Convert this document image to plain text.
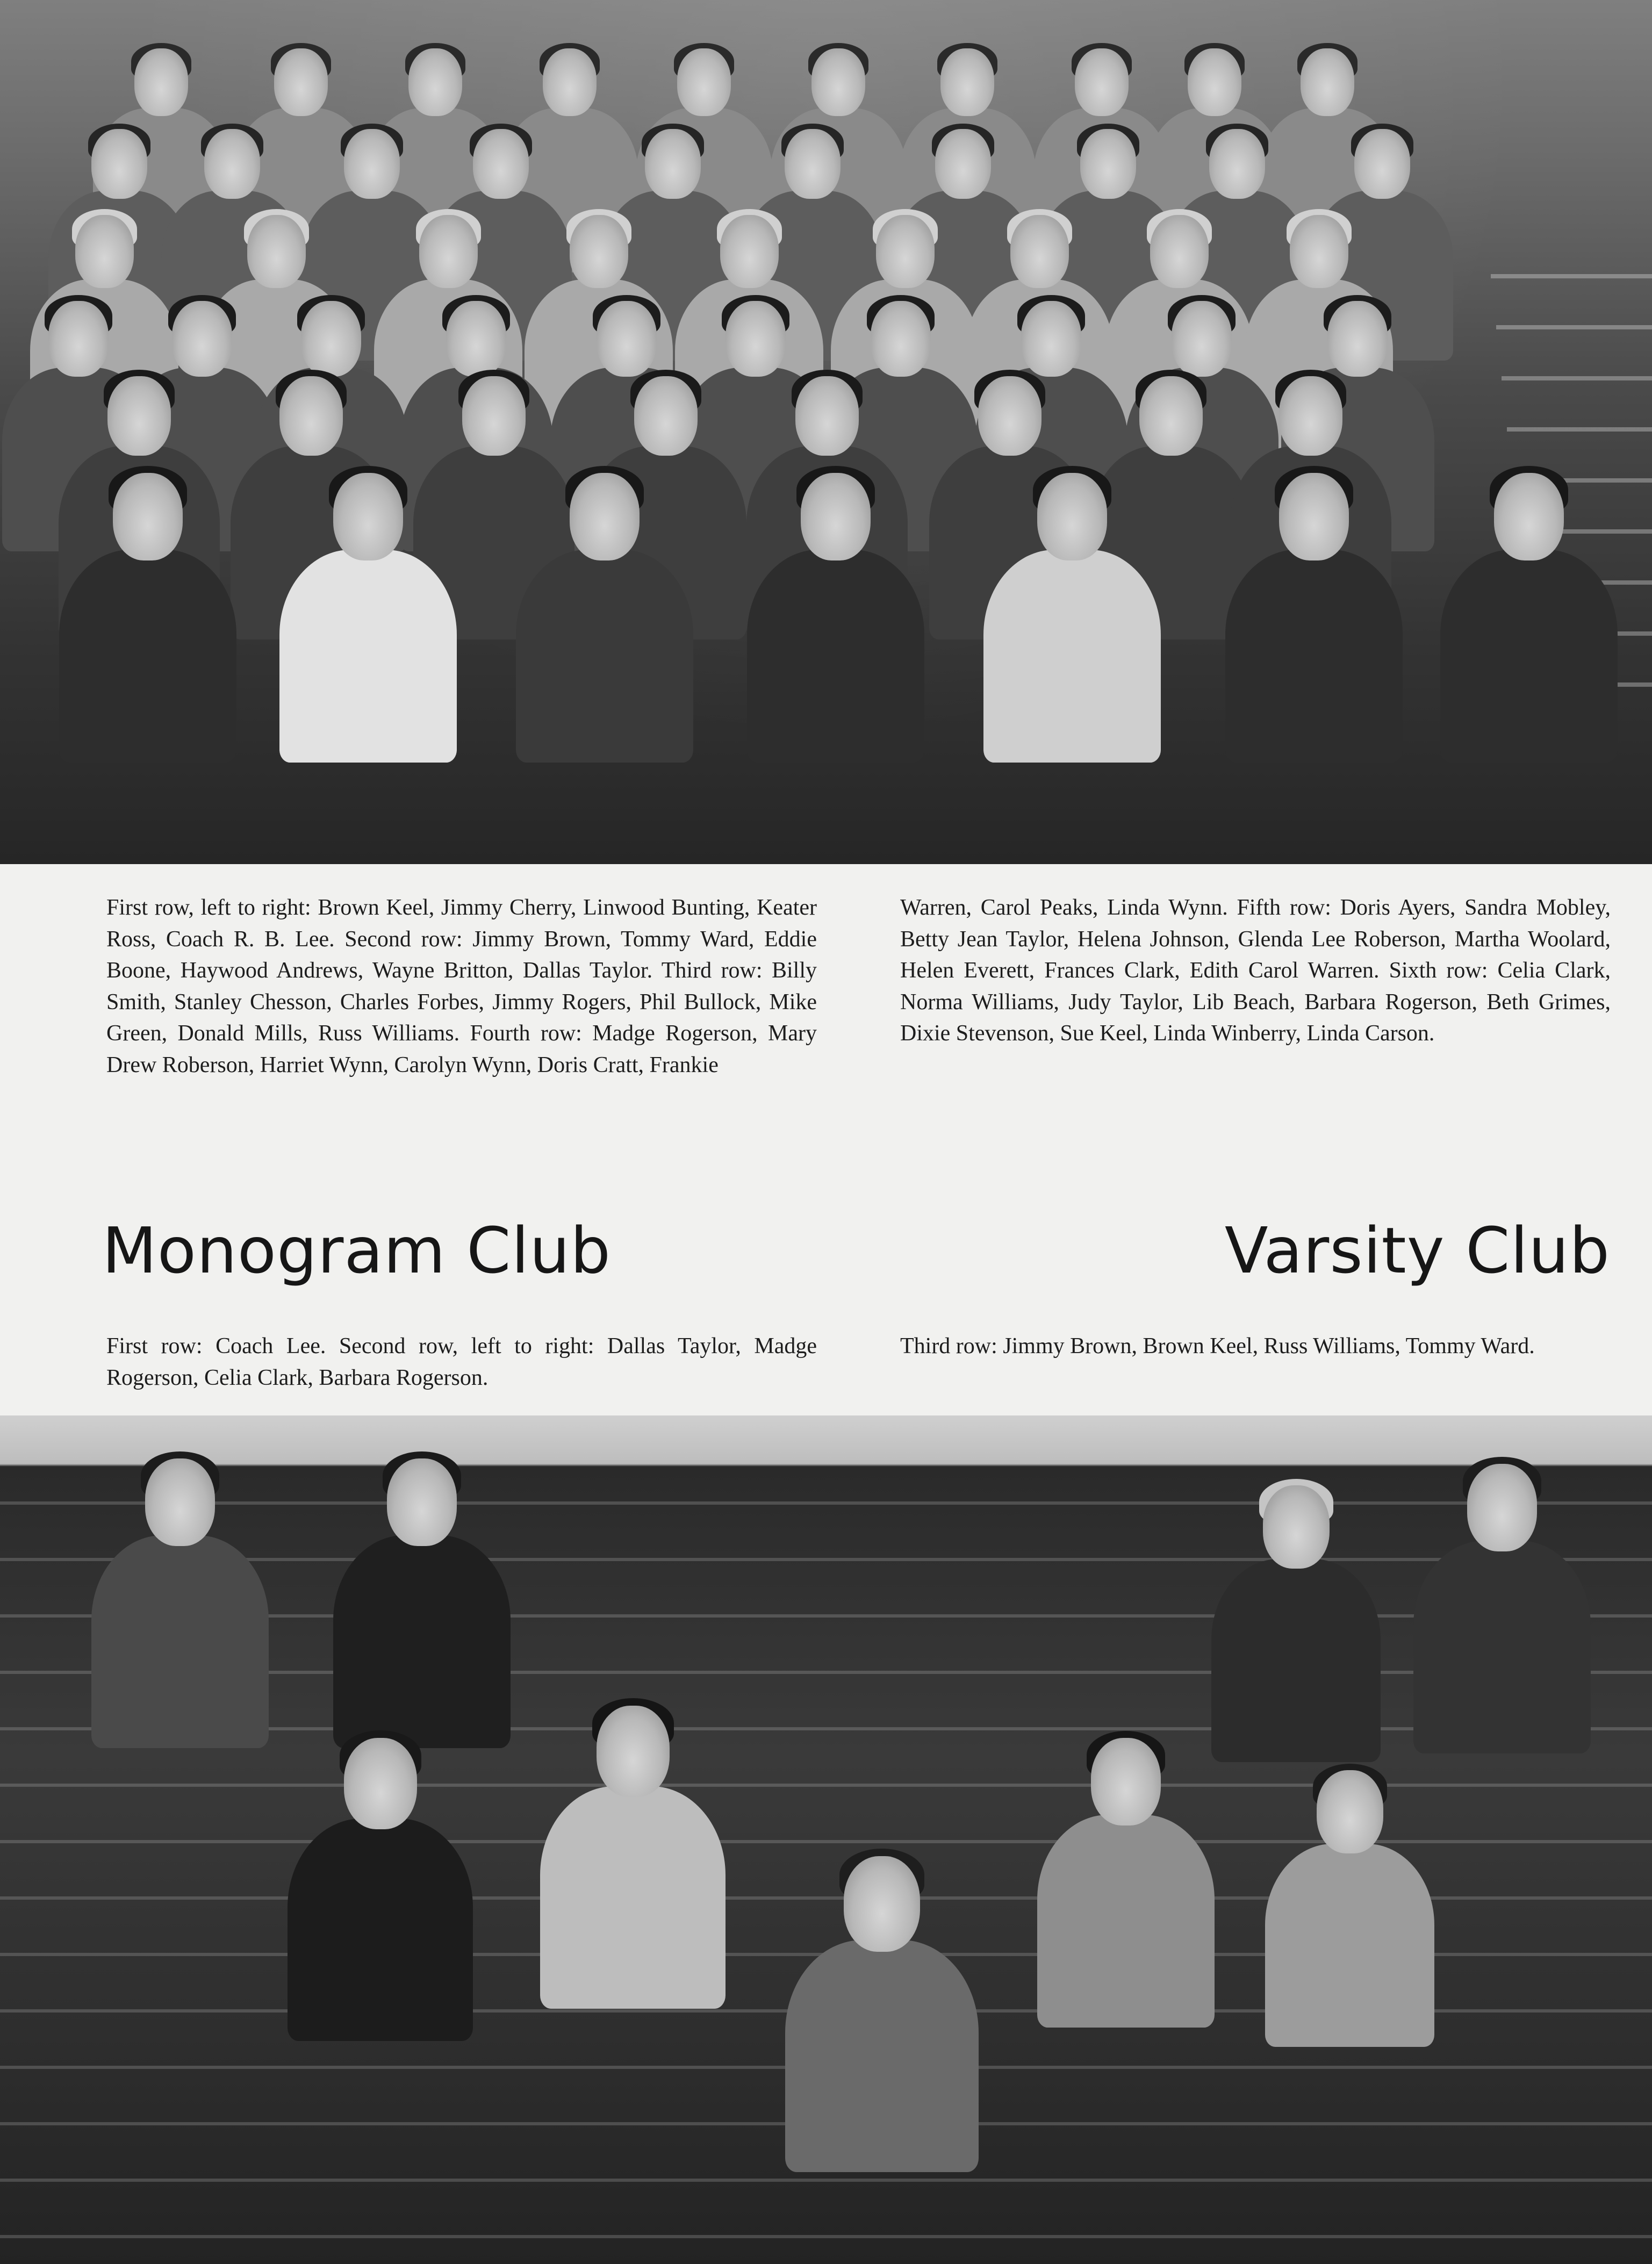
First row, left to right: Brown Keel, Jimmy Cherry, Linwood Bunting, Keater Ross, Coach R. B. Lee. Second row: Jimmy Brown, Tommy Ward, Eddie Boone, Haywood Andrews, Wayne Britton, Dallas Taylor. Third row: Billy Smith, Stanley Chesson, Charles Forbes, Jimmy Rogers, Phil Bullock, Mike Green, Donald Mills, Russ Williams. Fourth row: Madge Rogerson, Mary Drew Roberson, Harriet Wynn, Carolyn Wynn, Doris Cratt, Frankie

Warren, Carol Peaks, Linda Wynn. Fifth row: Doris Ayers, Sandra Mobley, Betty Jean Taylor, Helena Johnson, Glenda Lee Roberson, Martha Woolard, Helen Everett, Frances Clark, Edith Carol Warren. Sixth row: Celia Clark, Norma Williams, Judy Taylor, Lib Beach, Barbara Rogerson, Beth Grimes, Dixie Stevenson, Sue Keel, Linda Winberry, Linda Carson.

Monogram Club	Varsity Club

First row: Coach Lee. Second row, left to right: Dallas Taylor, Madge Rogerson, Celia Clark, Barbara Rogerson.

Third row: Jimmy Brown, Brown Keel, Russ Williams, Tommy Ward.
